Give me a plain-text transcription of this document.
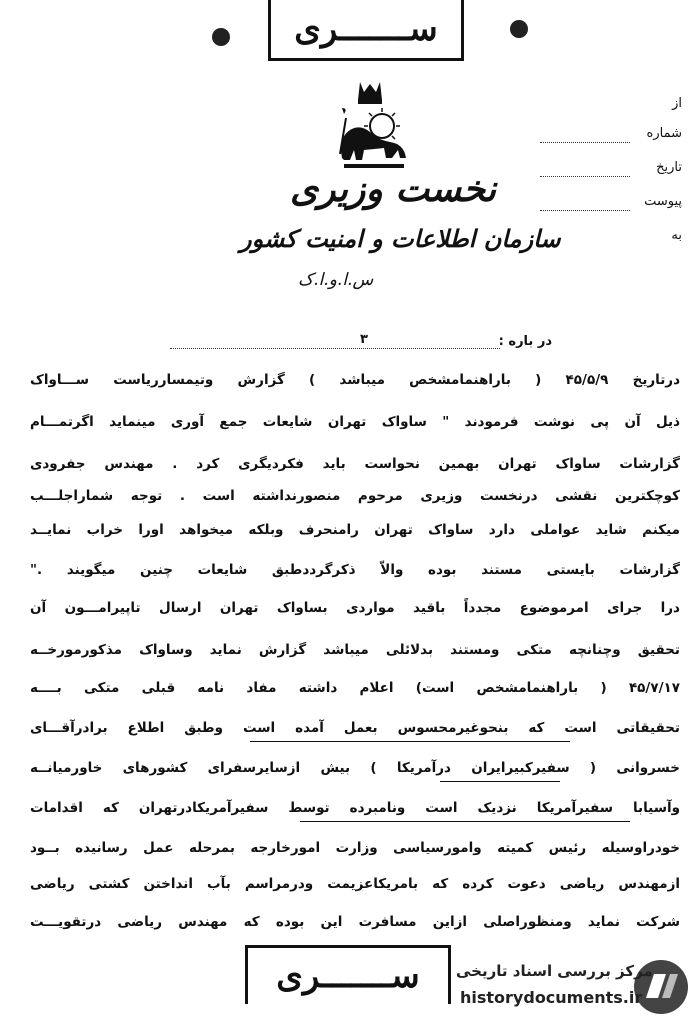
ســـــــرى
از
شماره
تاریخ
پیوست
به
نخست وزیری
سازمان اطلاعات و امنیت کشور
س.ا.و.ا.ک
در باره :
۳
درتاریخ ۴۵/۵/۹ ( باراهنمامشخص میباشد ) گزارش وتیمسارریاست ســـاواک
ذیل آن پی نوشت فرمودند " ساواک تهران شایعات جمع آوری مینماید اگرتمـــام
گزارشات ساواک تهران بهمین نحواست باید فکردیگری کرد . مهندس جفرودی
کوچکترین نقشی درنخست وزیری مرحوم منصورنداشته است . توجه شماراجلـــب
میکنم شاید عواملی دارد ساواک تهران رامنحرف وبلکه میخواهد اورا خراب نمایــد
گزارشات بایستی مستند بوده والاّ ذکرگرددطبق شایعات چنین میگویند ."
درا جرای امرموضوع مجدداً باقید مواردی بساواک تهران ارسال تاپیرامـــون آن
تحقیق وچنانچه متکی ومستند بدلائلی میباشد گزارش نماید وساواک مذکورمورخــه
۴۵/۷/۱۷ ( باراهنمامشخص است) اعلام داشته مفاد نامه قبلی متکی بــــه
تحقیقاتی است که بنحوغیرمحسوس بعمل آمده است وطبق اطلاع برادرآقـــای
خسروانی ( سفیرکبیرایران درآمریکا ) بیش ازسایرسفرای کشورهای خاورمیانــه
وآسیابا سفیرآمریکا نزدیک است ونامبرده توسط سفیرآمریکادرتهران که اقدامات
خودراوسیله رئیس کمیته وامورسیاسی وزارت امورخارجه بمرحله عمل رسانیده بــود
ازمهندس ریاضی دعوت کرده که بامریکاعزیمت ودرمراسم بآب انداختن کشتی ریاضی
شرکت نماید ومنظوراصلی ازاین مسافرت این بوده که مهندس ریاضی درتقویـــت
ســـــــرى مرکز بررسی اسناد تاریخی
historydocuments.ir
